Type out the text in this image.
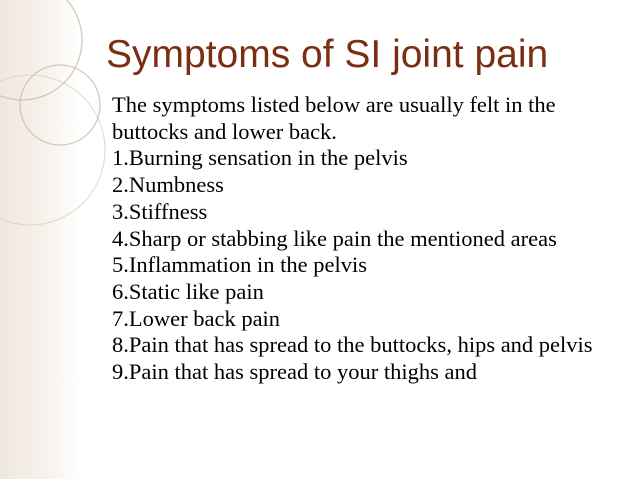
Symptoms of SI joint pain

The symptoms listed below are usually felt in the buttocks and lower back.

1.Burning sensation in the pelvis

2.Numbness

3.Stiffness

4.Sharp or stabbing like pain the mentioned areas

5.Inflammation in the pelvis

6.Static like pain

7.Lower back pain

8.Pain that has spread to the buttocks, hips and pelvis

9.Pain that has spread to your thighs and
